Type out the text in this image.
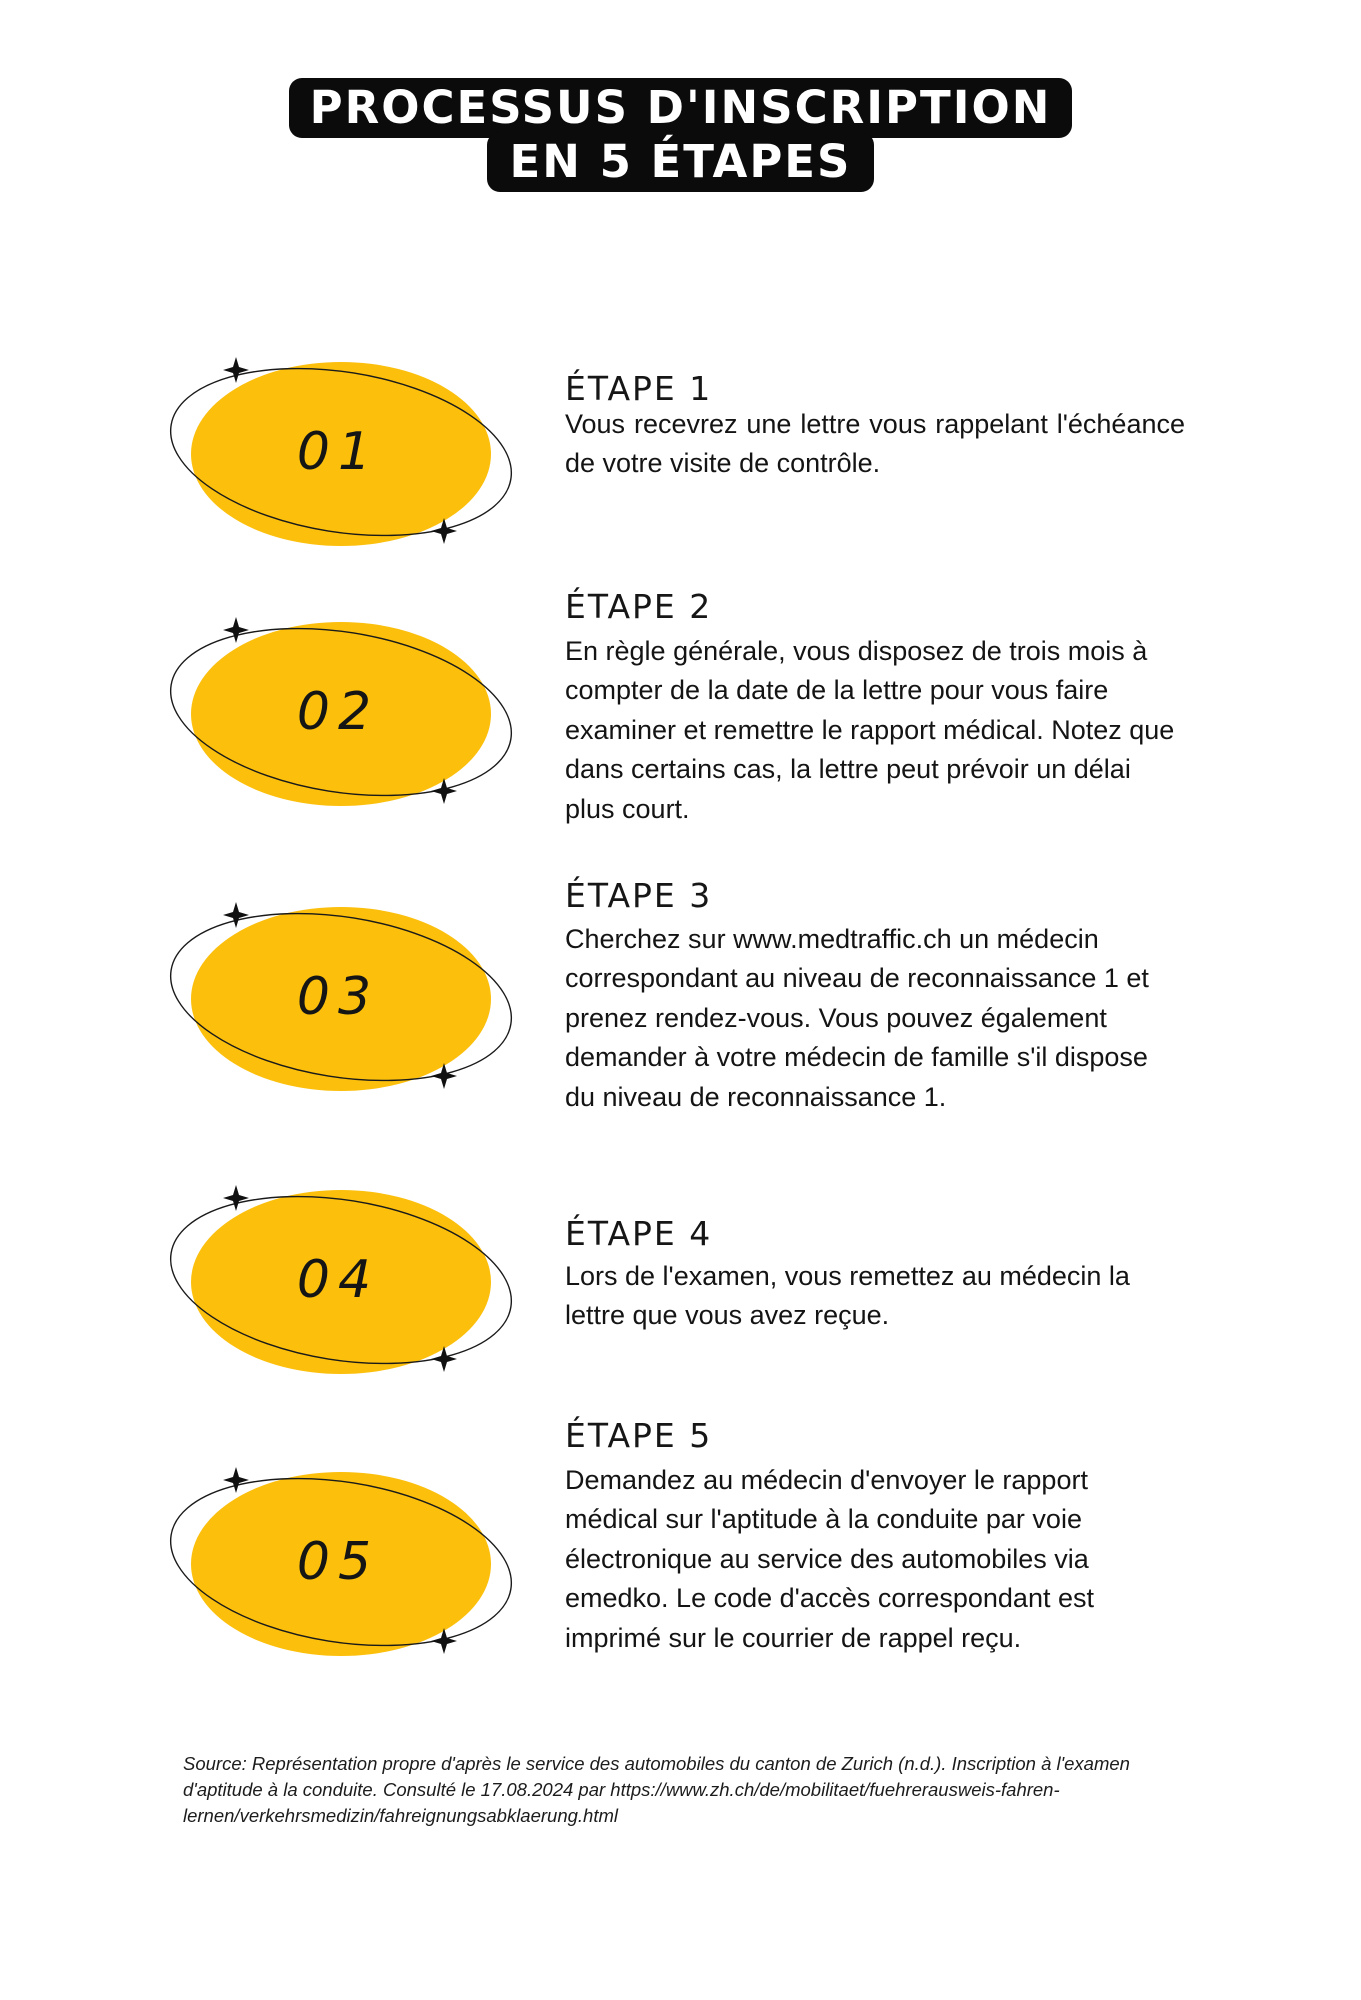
PROCESSUS D'INSCRIPTION
EN 5 ÉTAPES
01
ÉTAPE 1

Vous recevrez une lettre vous rappelant l'échéance de votre visite de contrôle.

02
ÉTAPE 2

En règle générale, vous disposez de trois mois à compter de la date de la lettre pour vous faire examiner et remettre le rapport médical. Notez que dans certains cas, la lettre peut prévoir un délai plus court.

03
ÉTAPE 3

Cherchez sur www.medtraffic.ch un médecin correspondant au niveau de reconnaissance 1 et prenez rendez-vous. Vous pouvez également demander à votre médecin de famille s'il dispose du niveau de reconnaissance 1.

04
ÉTAPE 4

Lors de l'examen, vous remettez au médecin la lettre que vous avez reçue.

05
ÉTAPE 5

Demandez au médecin d'envoyer le rapport médical sur l'aptitude à la conduite par voie électronique au service des automobiles via emedko. Le code d'accès correspondant est imprimé sur le courrier de rappel reçu.

Source: Représentation propre d'après le service des automobiles du canton de Zurich (n.d.). Inscription à l'examen d'aptitude à la conduite. Consulté le 17.08.2024 par https://www.zh.ch/de/mobilitaet/fuehrerausweis-fahren-lernen/verkehrsmedizin/fahreignungsabklaerung.html
